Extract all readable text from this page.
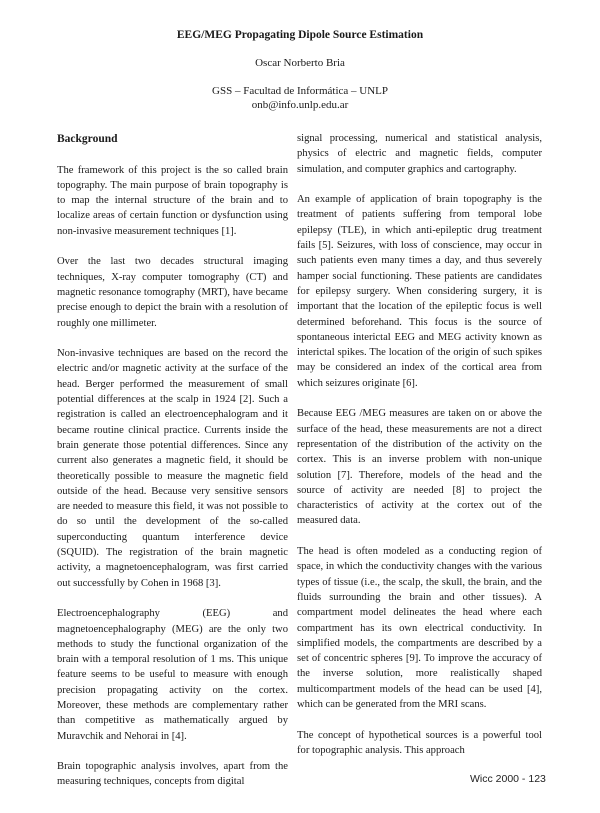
EEG/MEG Propagating Dipole Source Estimation
Oscar Norberto Bria
GSS – Facultad de Informática – UNLP
onb@info.unlp.edu.ar
Background

The framework of this project is the so called brain topography. The main purpose of brain topography is to map the internal structure of the brain and to localize areas of certain function or dysfunction using non-invasive measurement techniques [1].

Over the last two decades structural imaging techniques, X-ray computer tomography (CT) and magnetic resonance tomography (MRT), have became precise enough to depict the brain with a resolution of roughly one millimeter.

Non-invasive techniques are based on the record the electric and/or magnetic activity at the surface of the head. Berger performed the measurement of small potential differences at the scalp in 1924 [2]. Such a registration is called an electroencephalogram and it became routine clinical practice. Currents inside the brain generate those potential differences. Since any current also generates a magnetic field, it should be theoretically possible to measure the magnetic field outside of the head. Because very sensitive sensors are needed to measure this field, it was not possible to do so until the development of the so-called superconducting quantum interference device (SQUID). The registration of the brain magnetic activity, a magnetoencephalogram, was first carried out successfully by Cohen in 1968 [3].

Electroencephalography (EEG) and magnetoencephalography (MEG) are the only two methods to study the functional organization of the brain with a temporal resolution of 1 ms. This unique feature seems to be useful to measure with enough precision propagating activity on the cortex. Moreover, these methods are complementary rather than competitive as mathematically argued by Muravchik and Nehorai in [4].

Brain topographic analysis involves, apart from the measuring techniques, concepts from digital

signal processing, numerical and statistical analysis, physics of electric and magnetic fields, computer simulation, and computer graphics and cartography.

An example of application of brain topography is the treatment of patients suffering from temporal lobe epilepsy (TLE), in which anti-epileptic drug treatment fails [5]. Seizures, with loss of conscience, may occur in such patients even many times a day, and thus severely hamper social functioning. These patients are candidates for epilepsy surgery. When considering surgery, it is important that the location of the epileptic focus is well determined beforehand. This focus is the source of spontaneous interictal EEG and MEG activity known as interictal spikes. The location of the origin of such spikes may be considered an index of the cortical area from which seizures originate [6].

Because EEG /MEG measures are taken on or above the surface of the head, these measurements are not a direct representation of the distribution of the activity on the cortex. This is an inverse problem with non-unique solution [7]. Therefore, models of the head and the source of activity are needed [8] to project the characteristics of activity at the cortex out of the measured data.

The head is often modeled as a conducting region of space, in which the conductivity changes with the various types of tissue (i.e., the scalp, the skull, the brain, and the fluids surrounding the brain and other tissues). A compartment model delineates the head where each compartment has its own electrical conductivity. In simplified models, the compartments are described by a set of concentric spheres [9]. To improve the accuracy of the inverse solution, more realistically shaped multicompartment models of the head can be used [4], which can be generated from the MRI scans.

The concept of hypothetical sources is a powerful tool for topographic analysis. This approach

Wicc 2000 - 123
